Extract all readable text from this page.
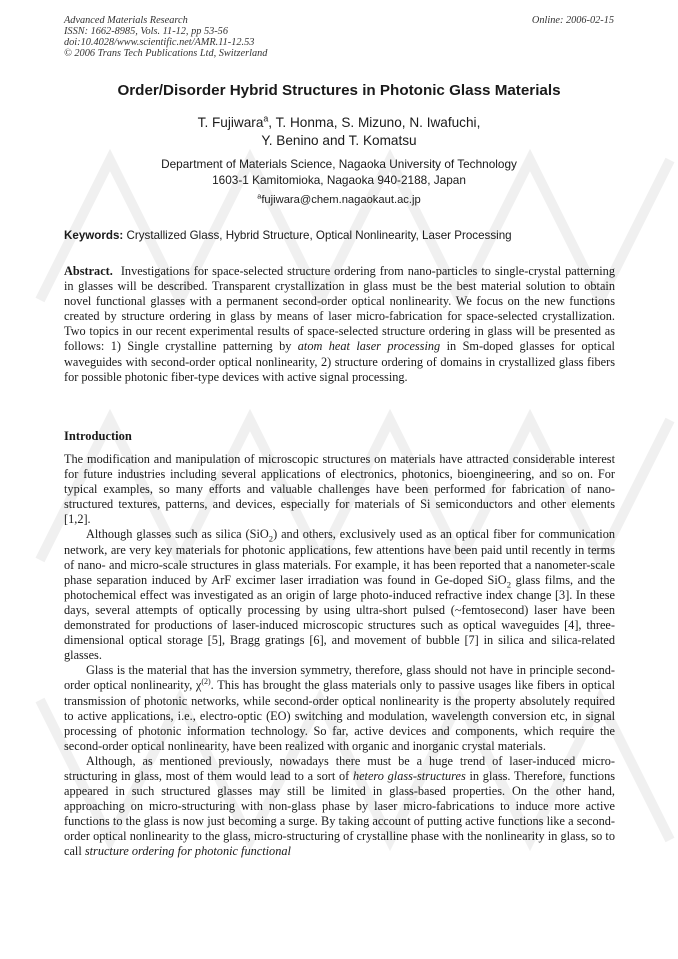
Advanced Materials Research
ISSN: 1662-8985, Vols. 11-12, pp 53-56
doi:10.4028/www.scientific.net/AMR.11-12.53
© 2006 Trans Tech Publications Ltd, Switzerland
Online: 2006-02-15
Order/Disorder Hybrid Structures in Photonic Glass Materials
T. Fujiwara$^a$, T. Honma, S. Mizuno, N. Iwafuchi,
Y. Benino and T. Komatsu
Department of Materials Science, Nagaoka University of Technology
1603-1 Kamitomioka, Nagaoka 940-2188, Japan
$^a$fujiwara@chem.nagaokaut.ac.jp
Keywords: Crystallized Glass, Hybrid Structure, Optical Nonlinearity, Laser Processing
Abstract. Investigations for space-selected structure ordering from nano-particles to single-crystal patterning in glasses will be described. Transparent crystallization in glass must be the best material solution to obtain novel functional glasses with a permanent second-order optical nonlinearity. We focus on the new functions created by structure ordering in glass by means of laser micro-fabrication for space-selected crystallization. Two topics in our recent experimental results of space-selected structure ordering in glass will be presented as follows: 1) Single crystalline patterning by atom heat laser processing in Sm-doped glasses for optical waveguides with second-order optical nonlinearity, 2) structure ordering of domains in crystallized glass fibers for possible photonic fiber-type devices with active signal processing.
Introduction

The modification and manipulation of microscopic structures on materials have attracted considerable interest for future industries including several applications of electronics, photonics, bioengineering, and so on. For typical examples, so many efforts and valuable challenges have been performed for fabrication of nano-structured textures, patterns, and devices, especially for materials of Si semiconductors and other elements [1,2].

Although glasses such as silica (SiO$_2$) and others, exclusively used as an optical fiber for communication network, are very key materials for photonic applications, few attentions have been paid until recently in terms of nano- and micro-scale structures in glass materials. For example, it has been reported that a nanometer-scale phase separation induced by ArF excimer laser irradiation was found in Ge-doped SiO$_2$ glass films, and the photochemical effect was investigated as an origin of large photo-induced refractive index change [3]. In these days, several attempts of optically processing by using ultra-short pulsed (~femtosecond) laser have been demonstrated for productions of laser-induced microscopic structures such as optical waveguides [4], three-dimensional optical storage [5], Bragg gratings [6], and movement of bubble [7] in silica and silica-related glasses.

Glass is the material that has the inversion symmetry, therefore, glass should not have in principle second-order optical nonlinearity, $\chi^{(2)}$. This has brought the glass materials only to passive usages like fibers in optical transmission of photonic networks, while second-order optical nonlinearity is the property absolutely required to active applications, i.e., electro-optic (EO) switching and modulation, wavelength conversion etc, in signal processing of photonic information technology. So far, active devices and components, which require the second-order optical nonlinearity, have been realized with organic and inorganic crystal materials.

Although, as mentioned previously, nowadays there must be a huge trend of laser-induced micro-structuring in glass, most of them would lead to a sort of hetero glass-structures in glass. Therefore, functions appeared in such structured glasses may still be limited in glass-based properties. On the other hand, approaching on micro-structuring with non-glass phase by laser micro-fabrications to induce more active functions to the glass is now just becoming a surge. By taking account of putting active functions like a second-order optical nonlinearity to the glass, micro-structuring of crystalline phase with the nonlinearity in glass, so to call structure ordering for photonic functional
